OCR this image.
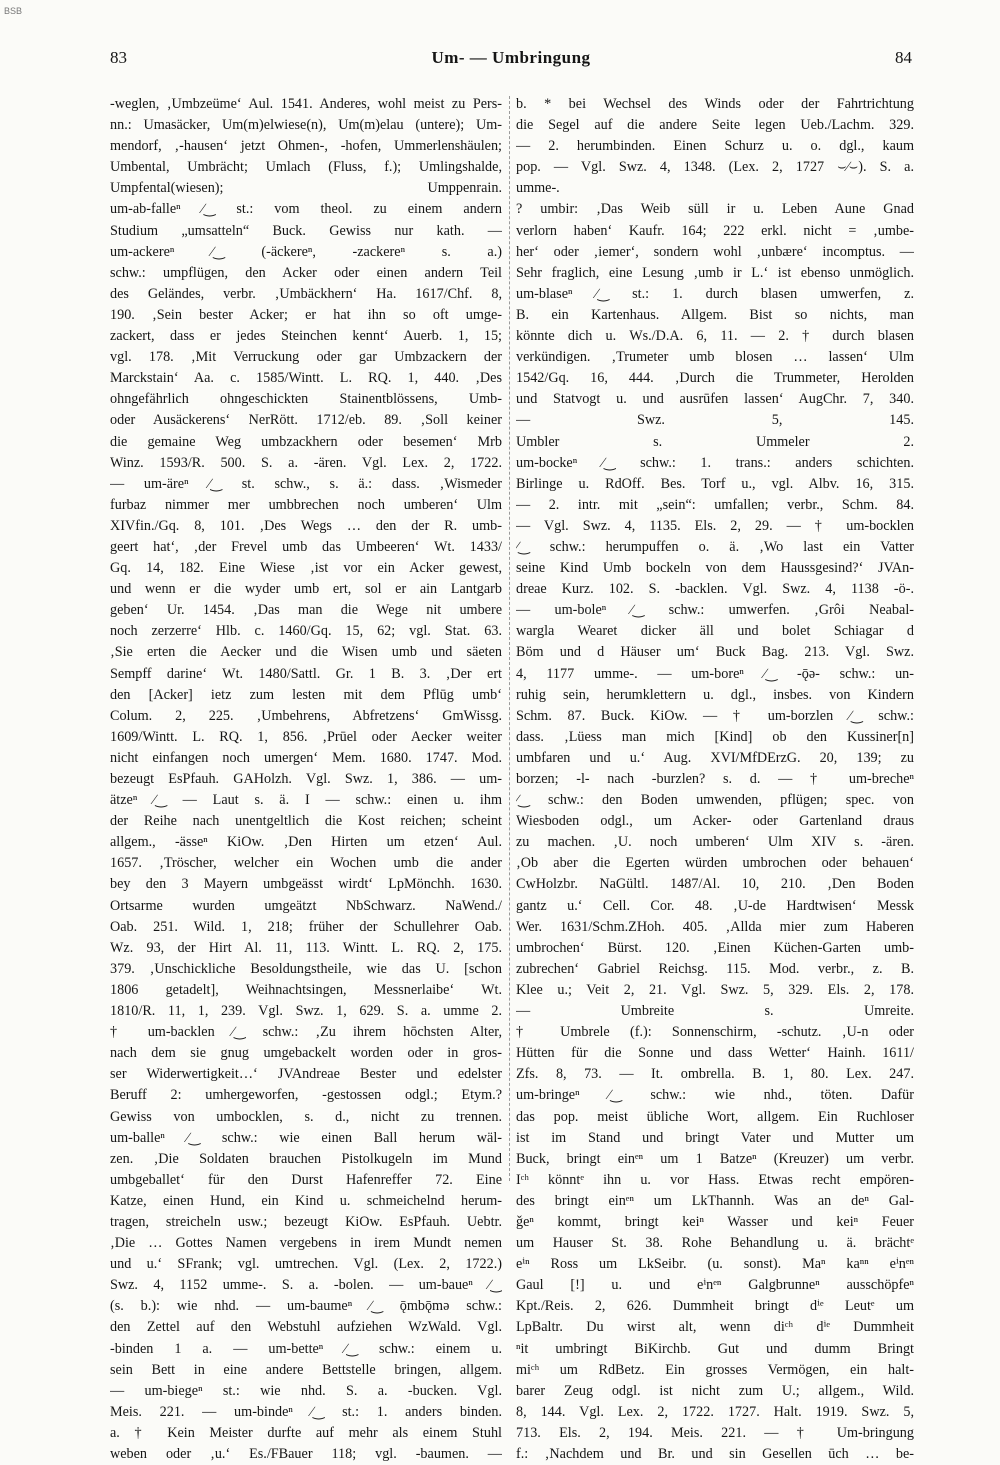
BSB
83	Um- — Umbringung	84
-weglen, ‚Umbzeüme‘ Aul. 1541. Anderes, wohl meist zu Pers-
nn.: Umasäcker, Um(m)elwiese(n), Um(m)elau (untere); Um-
mendorf, ‚-hausen‘ jetzt Ohmen-, -hofen, Ummerlenshäulen;
Umbental, Umbrächt; Umlach (Fluss, f.); Umlingshalde,
Umpfental(wiesen); Umppenrain.
um-ab-falleⁿ ∕‿ st.: vom theol. zu einem andern
Studium „umsatteln“ Buck. Gewiss nur kath. —
um-ackereⁿ ∕‿ (-äckereⁿ, -zackereⁿ s. a.)
schw.: umpflügen, den Acker oder einen andern Teil
des Geländes, verbr. ‚Umbäckhern‘ Ha. 1617/Chf. 8,
190. ‚Sein bester Acker; er hat ihn so oft umge-
zackert, dass er jedes Steinchen kennt‘ Auerb. 1, 15;
vgl. 178. ‚Mit Verruckung oder gar Umbzackern der
Marckstain‘ Aa. c. 1585/Wintt. L. RQ. 1, 440. ‚Des
ohngefährlich ohngeschickten Stainentblössens, Umb-
oder Ausäckerens‘ NerRött. 1712/eb. 89. ‚Soll keiner
die gemaine Weg umbzackhern oder besemen‘ Mrb
Winz. 1593/R. 500. S. a. -ären. Vgl. Lex. 2, 1722.
— um-äreⁿ ∕‿ st. schw., s. ä.: dass. ‚Wismeder
furbaz nimmer mer umbbrechen noch umberen‘ Ulm
XIVfin./Gq. 8, 101. ‚Des Wegs … den der R. umb-
geert hat‘, ‚der Frevel umb das Umbeeren‘ Wt. 1433/
Gq. 14, 182. Eine Wiese ‚ist vor ein Acker gewest,
und wenn er die wyder umb ert, sol er ain Lantgarb
geben‘ Ur. 1454. ‚Das man die Wege nit umbere
noch zerzerre‘ Hlb. c. 1460/Gq. 15, 62; vgl. Stat. 63.
‚Sie erten die Aecker und die Wisen umb und säeten
Sempff darine‘ Wt. 1480/Sattl. Gr. 1 B. 3. ‚Der ert
den [Acker] ietz zum lesten mit dem Pflūg umb‘
Colum. 2, 225. ‚Umbehrens, Abfretzens‘ GmWissg.
1609/Wintt. L. RQ. 1, 856. ‚Prūel oder Aecker weiter
nicht einfangen noch umergen‘ Mem. 1680. 1747. Mod.
bezeugt EsPfauh. GAHolzh. Vgl. Swz. 1, 386. — um-
ätzeⁿ ∕‿ — Laut s. ä. I — schw.: einen u. ihm
der Reihe nach unentgeltlich die Kost reichen; scheint
allgem., -ässeⁿ KiOw. ‚Den Hirten um etzen‘ Aul.
1657. ‚Tröscher, welcher ein Wochen umb die ander
bey den 3 Mayern umbgeässt wirdt‘ LpMönchh. 1630.
Ortsarme wurden umgeätzt NbSchwarz. NaWend./
Oab. 251. Wild. 1, 218; früher der Schullehrer Oab.
Wz. 93, der Hirt Al. 11, 113. Wintt. L. RQ. 2, 175.
379. ‚Unschickliche Besoldungstheile, wie das U. [schon
1806 getadelt], Weihnachtsingen, Messnerlaibe‘ Wt.
1810/R. 11, 1, 239. Vgl. Swz. 1, 629. S. a. umme 2.
† um-backlen ∕‿ schw.: ‚Zu ihrem hōchsten Alter,
nach dem sie gnug umgebackelt worden oder in gros-
ser Widerwertigkeit…‘ JVAndreae Bester und edelster
Beruff 2: umhergeworfen, -gestossen odgl.; Etym.?
Gewiss von umbocklen, s. d., nicht zu trennen.
um-balleⁿ ∕‿ schw.: wie einen Ball herum wäl-
zen. ‚Die Soldaten brauchen Pistolkugeln im Mund
umbgeballet‘ für den Durst Hafenreffer 72. Eine
Katze, einen Hund, ein Kind u. schmeichelnd herum-
tragen, streicheln usw.; bezeugt KiOw. EsPfauh. Uebtr.
‚Die … Gottes Namen vergebens in irem Mundt nemen
und u.‘ SFrank; vgl. umtrechen. Vgl. (Lex. 2, 1722.)
Swz. 4, 1152 umme-. S. a. -bolen. — um-baueⁿ ∕‿
(s. b.): wie nhd. — um-baumeⁿ ∕‿ ǭmbǭmə schw.:
den Zettel auf den Webstuhl aufziehen WzWald. Vgl.
-binden 1 a. — um-betteⁿ ∕‿ schw.: einem u.
sein Bett in eine andere Bettstelle bringen, allgem.
— um-biegeⁿ st.: wie nhd. S. a. -bucken. Vgl.
Meis. 221. — um-bindeⁿ ∕‿ st.: 1. anders binden.
a. † Kein Meister durfte auf mehr als einem Stuhl
weben oder ‚u.‘ Es./FBauer 118; vgl. -baumen. —
b. * bei Wechsel des Winds oder der Fahrtrichtung
die Segel auf die andere Seite legen Ueb./Lachm. 329.
— 2. herumbinden. Einen Schurz u. o. dgl., kaum
pop. — Vgl. Swz. 4, 1348. (Lex. 2, 1727 ⌣∕⌣). S. a.
umme-.
? umbir: ‚Das Weib süll ir u. Leben Aune Gnad
verlorn haben‘ Kaufr. 164; 222 erkl. nicht = ‚umbe-
her‘ oder ‚iemer‘, sondern wohl ‚unbære‘ incomptus. —
Sehr fraglich, eine Lesung ‚umb ir L.‘ ist ebenso unmöglich.
um-blaseⁿ ∕‿ st.: 1. durch blasen umwerfen, z.
B. ein Kartenhaus. Allgem. Bist so nichts, man
könnte dich u. Ws./D.A. 6, 11. — 2. † durch blasen
verkündigen. ‚Trumeter umb blosen … lassen‘ Ulm
1542/Gq. 16, 444. ‚Durch die Trummeter, Herolden
und Statvogt u. und ausrūfen lassen‘ AugChr. 7, 340.
— Swz. 5, 145.
Umbler s. Ummeler 2.
um-bockeⁿ ∕‿ schw.: 1. trans.: anders schichten.
Birlinge u. RdOff. Bes. Torf u., vgl. Albv. 16, 315.
— 2. intr. mit „sein“: umfallen; verbr., Schm. 84.
— Vgl. Swz. 4, 1135. Els. 2, 29. — † um-bocklen
∕‿ schw.: herumpuffen o. ä. ‚Wo last ein Vatter
seine Kind Umb bockeln von dem Haussgesind?‘ JVAn-
dreae Kurz. 102. S. -backlen. Vgl. Swz. 4, 1138 -ö-.
— um-boleⁿ ∕‿ schw.: umwerfen. ‚Grôi Neabal-
wargla Wearet dicker äll und bolet Schiagar d
Böm und d Häuser um‘ Buck Bag. 213. Vgl. Swz.
4, 1177 umme-. — um-boreⁿ ∕‿ -ǭə- schw.: un-
ruhig sein, herumklettern u. dgl., insbes. von Kindern
Schm. 87. Buck. KiOw. — † um-borzlen ∕‿ schw.:
dass. ‚Lüess man mich [Kind] ob den Kussiner[n]
umbfaren und u.‘ Aug. XVI/MfDErzG. 20, 139; zu
borzen; -l- nach -burzlen? s. d. — † um-brecheⁿ
∕‿ schw.: den Boden umwenden, pflügen; spec. von
Wiesboden odgl., um Acker- oder Gartenland draus
zu machen. ‚U. noch umberen‘ Ulm XIV s. -ären.
‚Ob aber die Egerten würden umbrochen oder behauen‘
CwHolzbr. NaGültl. 1487/Al. 10, 210. ‚Den Boden
gantz u.‘ Cell. Cor. 48. ‚U-de Hardtwisen‘ Messk
Wer. 1631/Schm.ZHoh. 405. ‚Allda mier zum Haberen
umbrochen‘ Bürst. 120. ‚Einen Küchen-Garten umb-
zubrechen‘ Gabriel Reichsg. 115. Mod. verbr., z. B.
Klee u.; Veit 2, 21. Vgl. Swz. 5, 329. Els. 2, 178.
— Umbreite s. Umreite.
† Umbrele (f.): Sonnenschirm, -schutz. ‚U-n oder
Hütten für die Sonne und dass Wetter‘ Hainh. 1611/
Zfs. 8, 73. — It. ombrella. B. 1, 80. Lex. 247.
um-bringeⁿ ∕‿ schw.: wie nhd., töten. Dafür
das pop. meist übliche Wort, allgem. Ein Ruchloser
ist im Stand und bringt Vater und Mutter um
Buck, bringt einᵉⁿ um 1 Batzeⁿ (Kreuzer) um verbr.
Iᶜʰ könntᵉ ihn u. vor Hass. Etwas recht empören-
des bringt einᵉⁿ um LkThannh. Was an deⁿ Gal-
ǧeⁿ kommt, bringt keiⁿ Wasser und keiⁿ Feuer
um Hauser St. 38. Rohe Behandlung u. ä. brächtᵉ
eⁱⁿ Ross um LkSeibr. (u. sonst). Maⁿ kaⁿⁿ eⁱnᵉⁿ
Gaul [!] u. und eⁱnᵉⁿ Galgbrunneⁿ ausschöpfeⁿ
Kpt./Reis. 2, 626. Dummheit bringt dⁱᵉ Leutᵉ um
LpBaltr. Du wirst alt, wenn diᶜʰ dⁱᵉ Dummheit
ⁿit umbringt BiKirchb. Gut und dumm Bringt
miᶜʰ um RdBetz. Ein grosses Vermögen, ein halt-
barer Zeug odgl. ist nicht zum U.; allgem., Wild.
8, 144. Vgl. Lex. 2, 1722. 1727. Halt. 1919. Swz. 5,
713. Els. 2, 194. Meis. 221. — † Um-bringung
f.: ‚Nachdem und Br. und sin Gesellen ūch … be-
